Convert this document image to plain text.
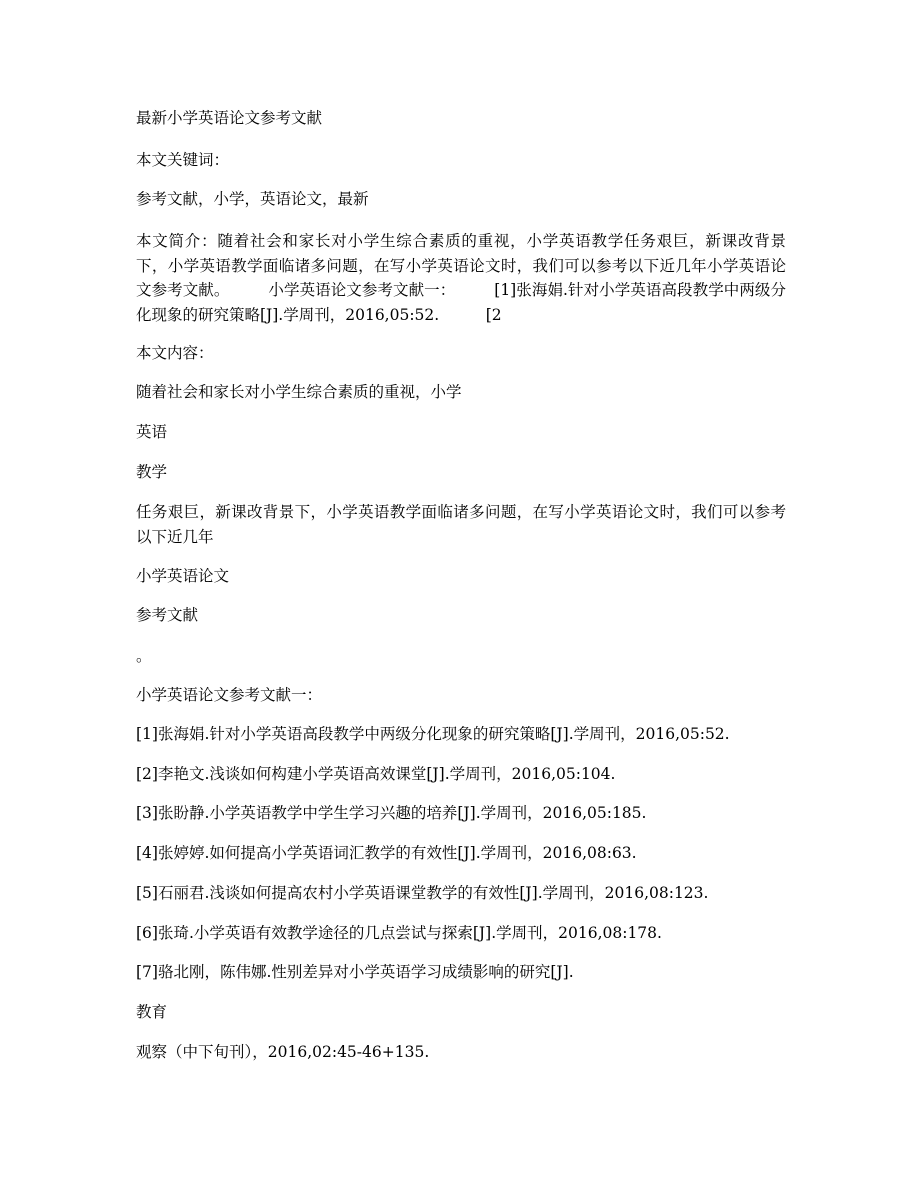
最新小学英语论文参考文献

本文关键词：

参考文献，小学，英语论文，最新

本文简介：随着社会和家长对小学生综合素质的重视，小学英语教学任务艰巨，新课改背景下，小学英语教学面临诸多问题，在写小学英语论文时，我们可以参考以下近几年小学英语论文参考文献。　　　小学英语论文参考文献一：　　　[1]张海娟.针对小学英语高段教学中两级分化现象的研究策略[J].学周刊，2016,05:52.　　　[2

本文内容：

随着社会和家长对小学生综合素质的重视，小学

英语

教学

任务艰巨，新课改背景下，小学英语教学面临诸多问题，在写小学英语论文时，我们可以参考以下近几年

小学英语论文

参考文献

。

小学英语论文参考文献一：

[1]张海娟.针对小学英语高段教学中两级分化现象的研究策略[J].学周刊，2016,05:52.

[2]李艳文.浅谈如何构建小学英语高效课堂[J].学周刊，2016,05:104.

[3]张盼静.小学英语教学中学生学习兴趣的培养[J].学周刊，2016,05:185.

[4]张婷婷.如何提高小学英语词汇教学的有效性[J].学周刊，2016,08:63.

[5]石丽君.浅谈如何提高农村小学英语课堂教学的有效性[J].学周刊，2016,08:123.

[6]张琦.小学英语有效教学途径的几点尝试与探索[J].学周刊，2016,08:178.

[7]骆北刚，陈伟娜.性别差异对小学英语学习成绩影响的研究[J].

教育

观察（中下旬刊），2016,02:45-46+135.
